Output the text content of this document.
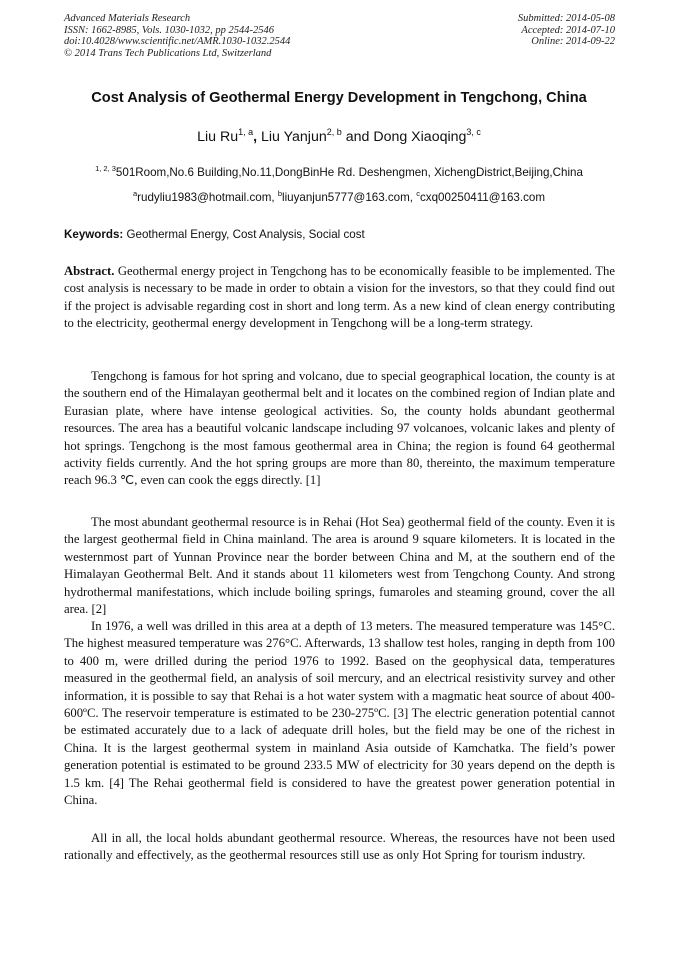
Advanced Materials Research
ISSN: 1662-8985, Vols. 1030-1032, pp 2544-2546
doi:10.4028/www.scientific.net/AMR.1030-1032.2544
© 2014 Trans Tech Publications Ltd, Switzerland
Submitted: 2014-05-08
Accepted: 2014-07-10
Online: 2014-09-22
Cost Analysis of Geothermal Energy Development in Tengchong, China
Liu Ru$^{1, a}$, Liu Yanjun$^{2, b}$ and Dong Xiaoqing$^{3, c}$
$^{1, 2, 3}$501Room,No.6 Building,No.11,DongBinHe Rd. Deshengmen, XichengDistrict,Beijing,China
$^a$rudyliu1983@hotmail.com, $^b$liuyanjun5777@163.com, $^c$cxq00250411@163.com
Keywords: Geothermal Energy, Cost Analysis, Social cost

Abstract. Geothermal energy project in Tengchong has to be economically feasible to be implemented. The cost analysis is necessary to be made in order to obtain a vision for the investors, so that they could find out if the project is advisable regarding cost in short and long term. As a new kind of clean energy contributing to the electricity, geothermal energy development in Tengchong will be a long-term strategy.

Tengchong is famous for hot spring and volcano, due to special geographical location, the county is at the southern end of the Himalayan geothermal belt and it locates on the combined region of Indian plate and Eurasian plate, where have intense geological activities. So, the county holds abundant geothermal resources. The area has a beautiful volcanic landscape including 97 volcanoes, volcanic lakes and plenty of hot springs. Tengchong is the most famous geothermal area in China; the region is found 64 geothermal activity fields currently. And the hot spring groups are more than 80, thereinto, the maximum temperature reach 96.3 ℃, even can cook the eggs directly. [1]

The most abundant geothermal resource is in Rehai (Hot Sea) geothermal field of the county. Even it is the largest geothermal field in China mainland. The area is around 9 square kilometers. It is located in the westernmost part of Yunnan Province near the border between China and M, at the southern end of the Himalayan Geothermal Belt. And it stands about 11 kilometers west from Tengchong County. And strong hydrothermal manifestations, which include boiling springs, fumaroles and steaming ground, cover the all area. [2]

In 1976, a well was drilled in this area at a depth of 13 meters. The measured temperature was 145°C. The highest measured temperature was 276°C. Afterwards, 13 shallow test holes, ranging in depth from 100 to 400 m, were drilled during the period 1976 to 1992. Based on the geophysical data, temperatures measured in the geothermal field, an analysis of soil mercury, and an electrical resistivity survey and other information, it is possible to say that Rehai is a hot water system with a magmatic heat source of about 400-600ºC. The reservoir temperature is estimated to be 230-275ºC. [3] The electric generation potential cannot be estimated accurately due to a lack of adequate drill holes, but the field may be one of the richest in China. It is the largest geothermal system in mainland Asia outside of Kamchatka. The field’s power generation potential is estimated to be ground 233.5 MW of electricity for 30 years depend on the depth is 1.5 km. [4] The Rehai geothermal field is considered to have the greatest power generation potential in China.

All in all, the local holds abundant geothermal resource. Whereas, the resources have not been used rationally and effectively, as the geothermal resources still use as only Hot Spring for tourism industry.
